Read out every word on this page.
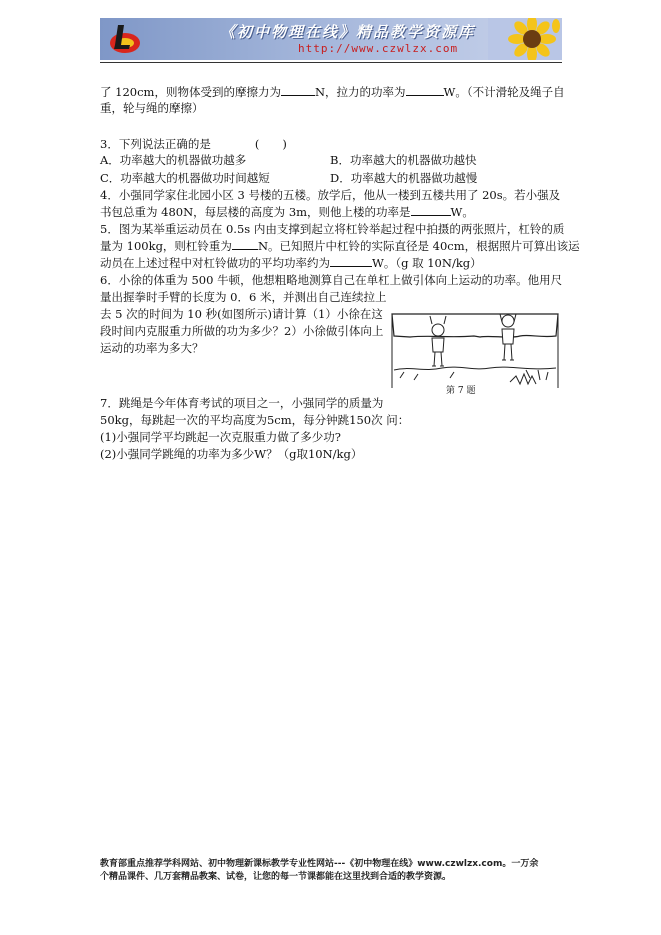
《初中物理在线》精品教学资源库
http://www.czwlzx.com
了 120cm，则物体受到的摩擦力为	N，拉力的功率为	W。（不计滑轮及绳子自
重，轮与绳的摩擦）
3．下列说法正确的是	(　　)
A．功率越大的机器做功越多	B．功率越大的机器做功越快
C．功率越大的机器做功时间越短	D．功率越大的机器做功越慢
4．小强同学家住北园小区 3 号楼的五楼。放学后，他从一楼到五楼共用了 20s。若小强及
书包总重为 480N，每层楼的高度为 3m，则他上楼的功率是	W。
5．图为某举重运动员在 0.5s 内由支撑到起立将杠铃举起过程中拍摄的两张照片，杠铃的质
量为 100kg，则杠铃重为 N。已知照片中杠铃的实际直径是 40cm，根据照片可算出该运
动员在上述过程中对杠铃做功的平均功率约为	W。（g 取 10N/kg）
6．小徐的体重为 500 牛顿，他想粗略地测算自己在单杠上做引体向上运动的功率。他用尺
量出握拳时手臂的长度为 0．6 米，并测出自己连续拉上
去 5 次的时间为 10 秒(如图所示)请计算（1）小徐在这
段时间内克服重力所做的功为多少？2）小徐做引体向上
运动的功率为多大？
第 7 题
7．跳绳是今年体育考试的项目之一，小强同学的质量为
50kg，每跳起一次的平均高度为5cm，每分钟跳150次 问：
(1)小强同学平均跳起一次克服重力做了多少功?
(2)小强同学跳绳的功率为多少W？（g取10N/kg）
教育部重点推荐学科网站、初中物理新课标教学专业性网站---《初中物理在线》www.czwlzx.com。一万余
个精品课件、几万套精品教案、试卷，让您的每一节课都能在这里找到合适的教学资源。
